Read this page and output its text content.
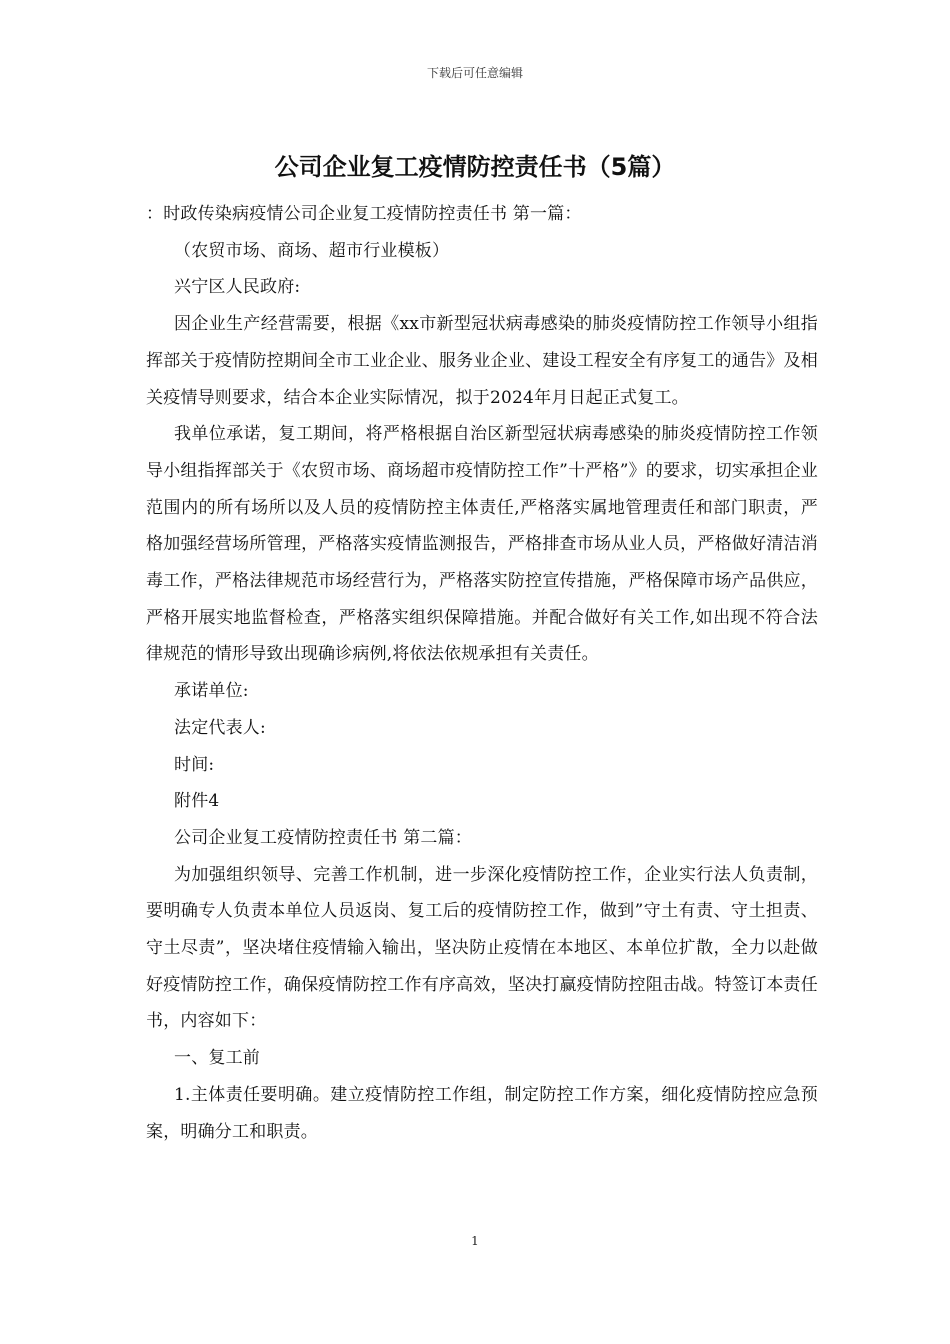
下载后可任意编辑
公司企业复工疫情防控责任书（5篇）

：时政传染病疫情公司企业复工疫情防控责任书 第一篇：

（农贸市场、商场、超市行业模板）

兴宁区人民政府:

因企业生产经营需要，根据《xx市新型冠状病毒感染的肺炎疫情防控工作领导小组指挥部关于疫情防控期间全市工业企业、服务业企业、建设工程安全有序复工的通告》及相关疫情导则要求，结合本企业实际情况，拟于2024年月日起正式复工。

我单位承诺，复工期间，将严格根据自治区新型冠状病毒感染的肺炎疫情防控工作领导小组指挥部关于《农贸市场、商场超市疫情防控工作”十严格”》的要求，切实承担企业范围内的所有场所以及人员的疫情防控主体责任,严格落实属地管理责任和部门职责，严格加强经营场所管理，严格落实疫情监测报告，严格排查市场从业人员，严格做好清洁消毒工作，严格法律规范市场经营行为，严格落实防控宣传措施，严格保障市场产品供应，严格开展实地监督检查，严格落实组织保障措施。并配合做好有关工作,如出现不符合法律规范的情形导致出现确诊病例,将依法依规承担有关责任。

承诺单位:

法定代表人:

时间:

附件4

公司企业复工疫情防控责任书 第二篇：

为加强组织领导、完善工作机制，进一步深化疫情防控工作，企业实行法人负责制，要明确专人负责本单位人员返岗、复工后的疫情防控工作，做到”守土有责、守土担责、守土尽责”，坚决堵住疫情输入输出，坚决防止疫情在本地区、本单位扩散，全力以赴做好疫情防控工作，确保疫情防控工作有序高效，坚决打赢疫情防控阻击战。特签订本责任书，内容如下：

一、复工前

1.主体责任要明确。建立疫情防控工作组，制定防控工作方案，细化疫情防控应急预案，明确分工和职责。

1
